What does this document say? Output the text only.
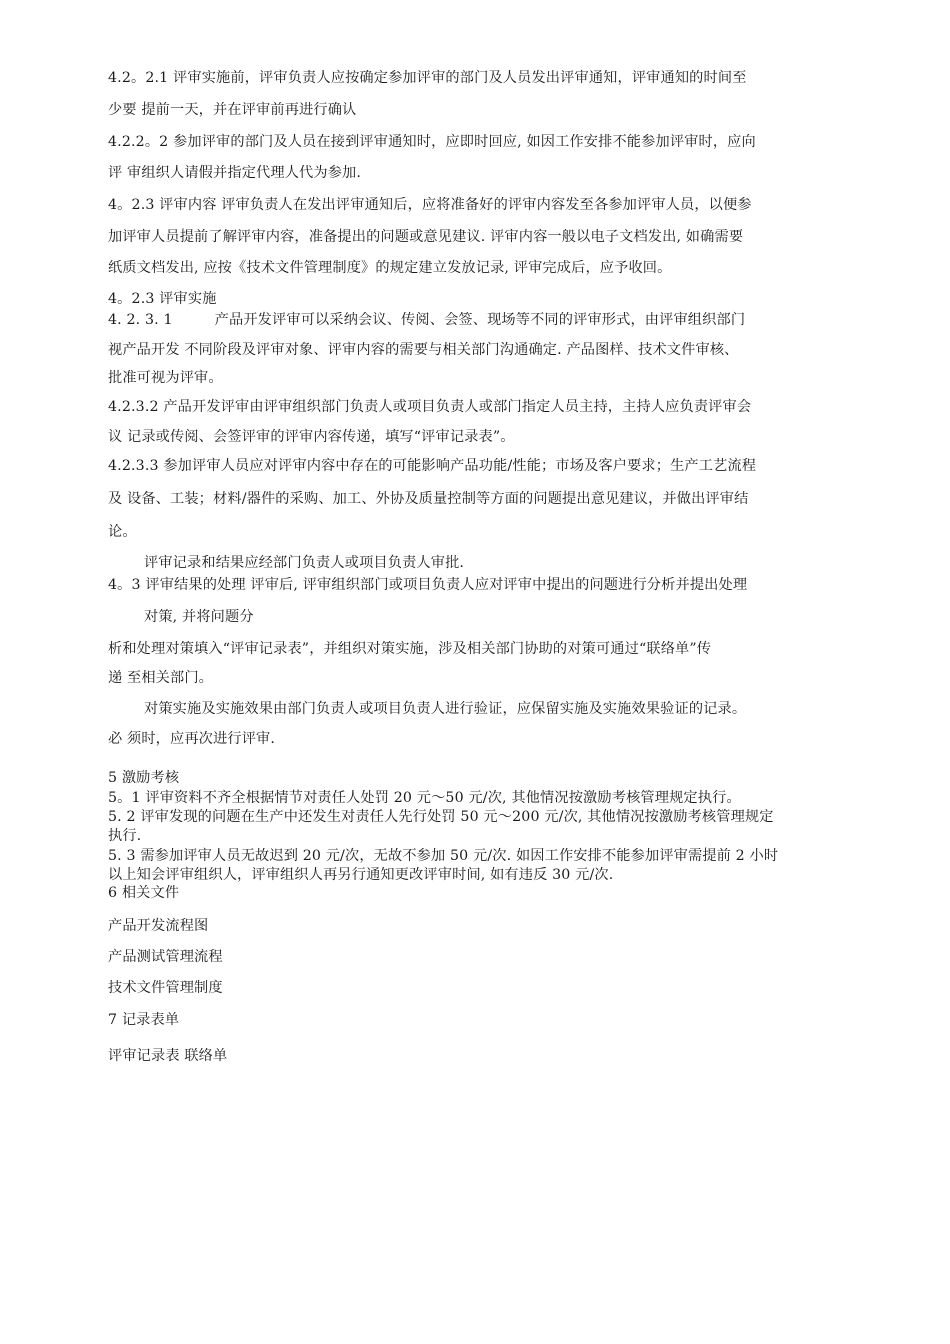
4.2。2.1 评审实施前，评审负责人应按确定参加评审的部门及人员发出评审通知，评审通知的时间至
少要 提前一天，并在评审前再进行确认
4.2.2。2 参加评审的部门及人员在接到评审通知时，应即时回应, 如因工作安排不能参加评审时，应向
评 审组织人请假并指定代理人代为参加.
4。2.3 评审内容 评审负责人在发出评审通知后，应将准备好的评审内容发至各参加评审人员，以便参
加评审人员提前了解评审内容，准备提出的问题或意见建议. 评审内容一般以电子文档发出, 如确需要
纸质文档发出, 应按《技术文件管理制度》的规定建立发放记录, 评审完成后，应予收回。
4。2.3 评审实施
4. 2. 3. 1	产品开发评审可以采纳会议、传阅、会签、现场等不同的评审形式，由评审组织部门
视产品开发 不同阶段及评审对象、评审内容的需要与相关部门沟通确定. 产品图样、技术文件审核、
批准可视为评审。
4.2.3.2 产品开发评审由评审组织部门负责人或项目负责人或部门指定人员主持，主持人应负责评审会
议 记录或传阅、会签评审的评审内容传递，填写“评审记录表”。
4.2.3.3 参加评审人员应对评审内容中存在的可能影响产品功能/性能；市场及客户要求；生产工艺流程
及 设备、工装；材料/器件的采购、加工、外协及质量控制等方面的问题提出意见建议，并做出评审结
论。
评审记录和结果应经部门负责人或项目负责人审批.
4。3 评审结果的处理 评审后, 评审组织部门或项目负责人应对评审中提出的问题进行分析并提出处理
对策, 并将问题分
析和处理对策填入“评审记录表”，并组织对策实施，涉及相关部门协助的对策可通过“联络单”传
递 至相关部门。
对策实施及实施效果由部门负责人或项目负责人进行验证，应保留实施及实施效果验证的记录。
必 须时，应再次进行评审.
5 激励考核
5。1 评审资料不齐全根据情节对责任人处罚 20 元～50 元/次, 其他情况按激励考核管理规定执行。
5. 2 评审发现的问题在生产中还发生对责任人先行处罚 50 元～200 元/次, 其他情况按激励考核管理规定
执行.
5. 3 需参加评审人员无故迟到 20 元/次，无故不参加 50 元/次. 如因工作安排不能参加评审需提前 2 小时
以上知会评审组织人，评审组织人再另行通知更改评审时间, 如有违反 30 元/次.
6 相关文件
产品开发流程图
产品测试管理流程
技术文件管理制度
7 记录表单
评审记录表 联络单
